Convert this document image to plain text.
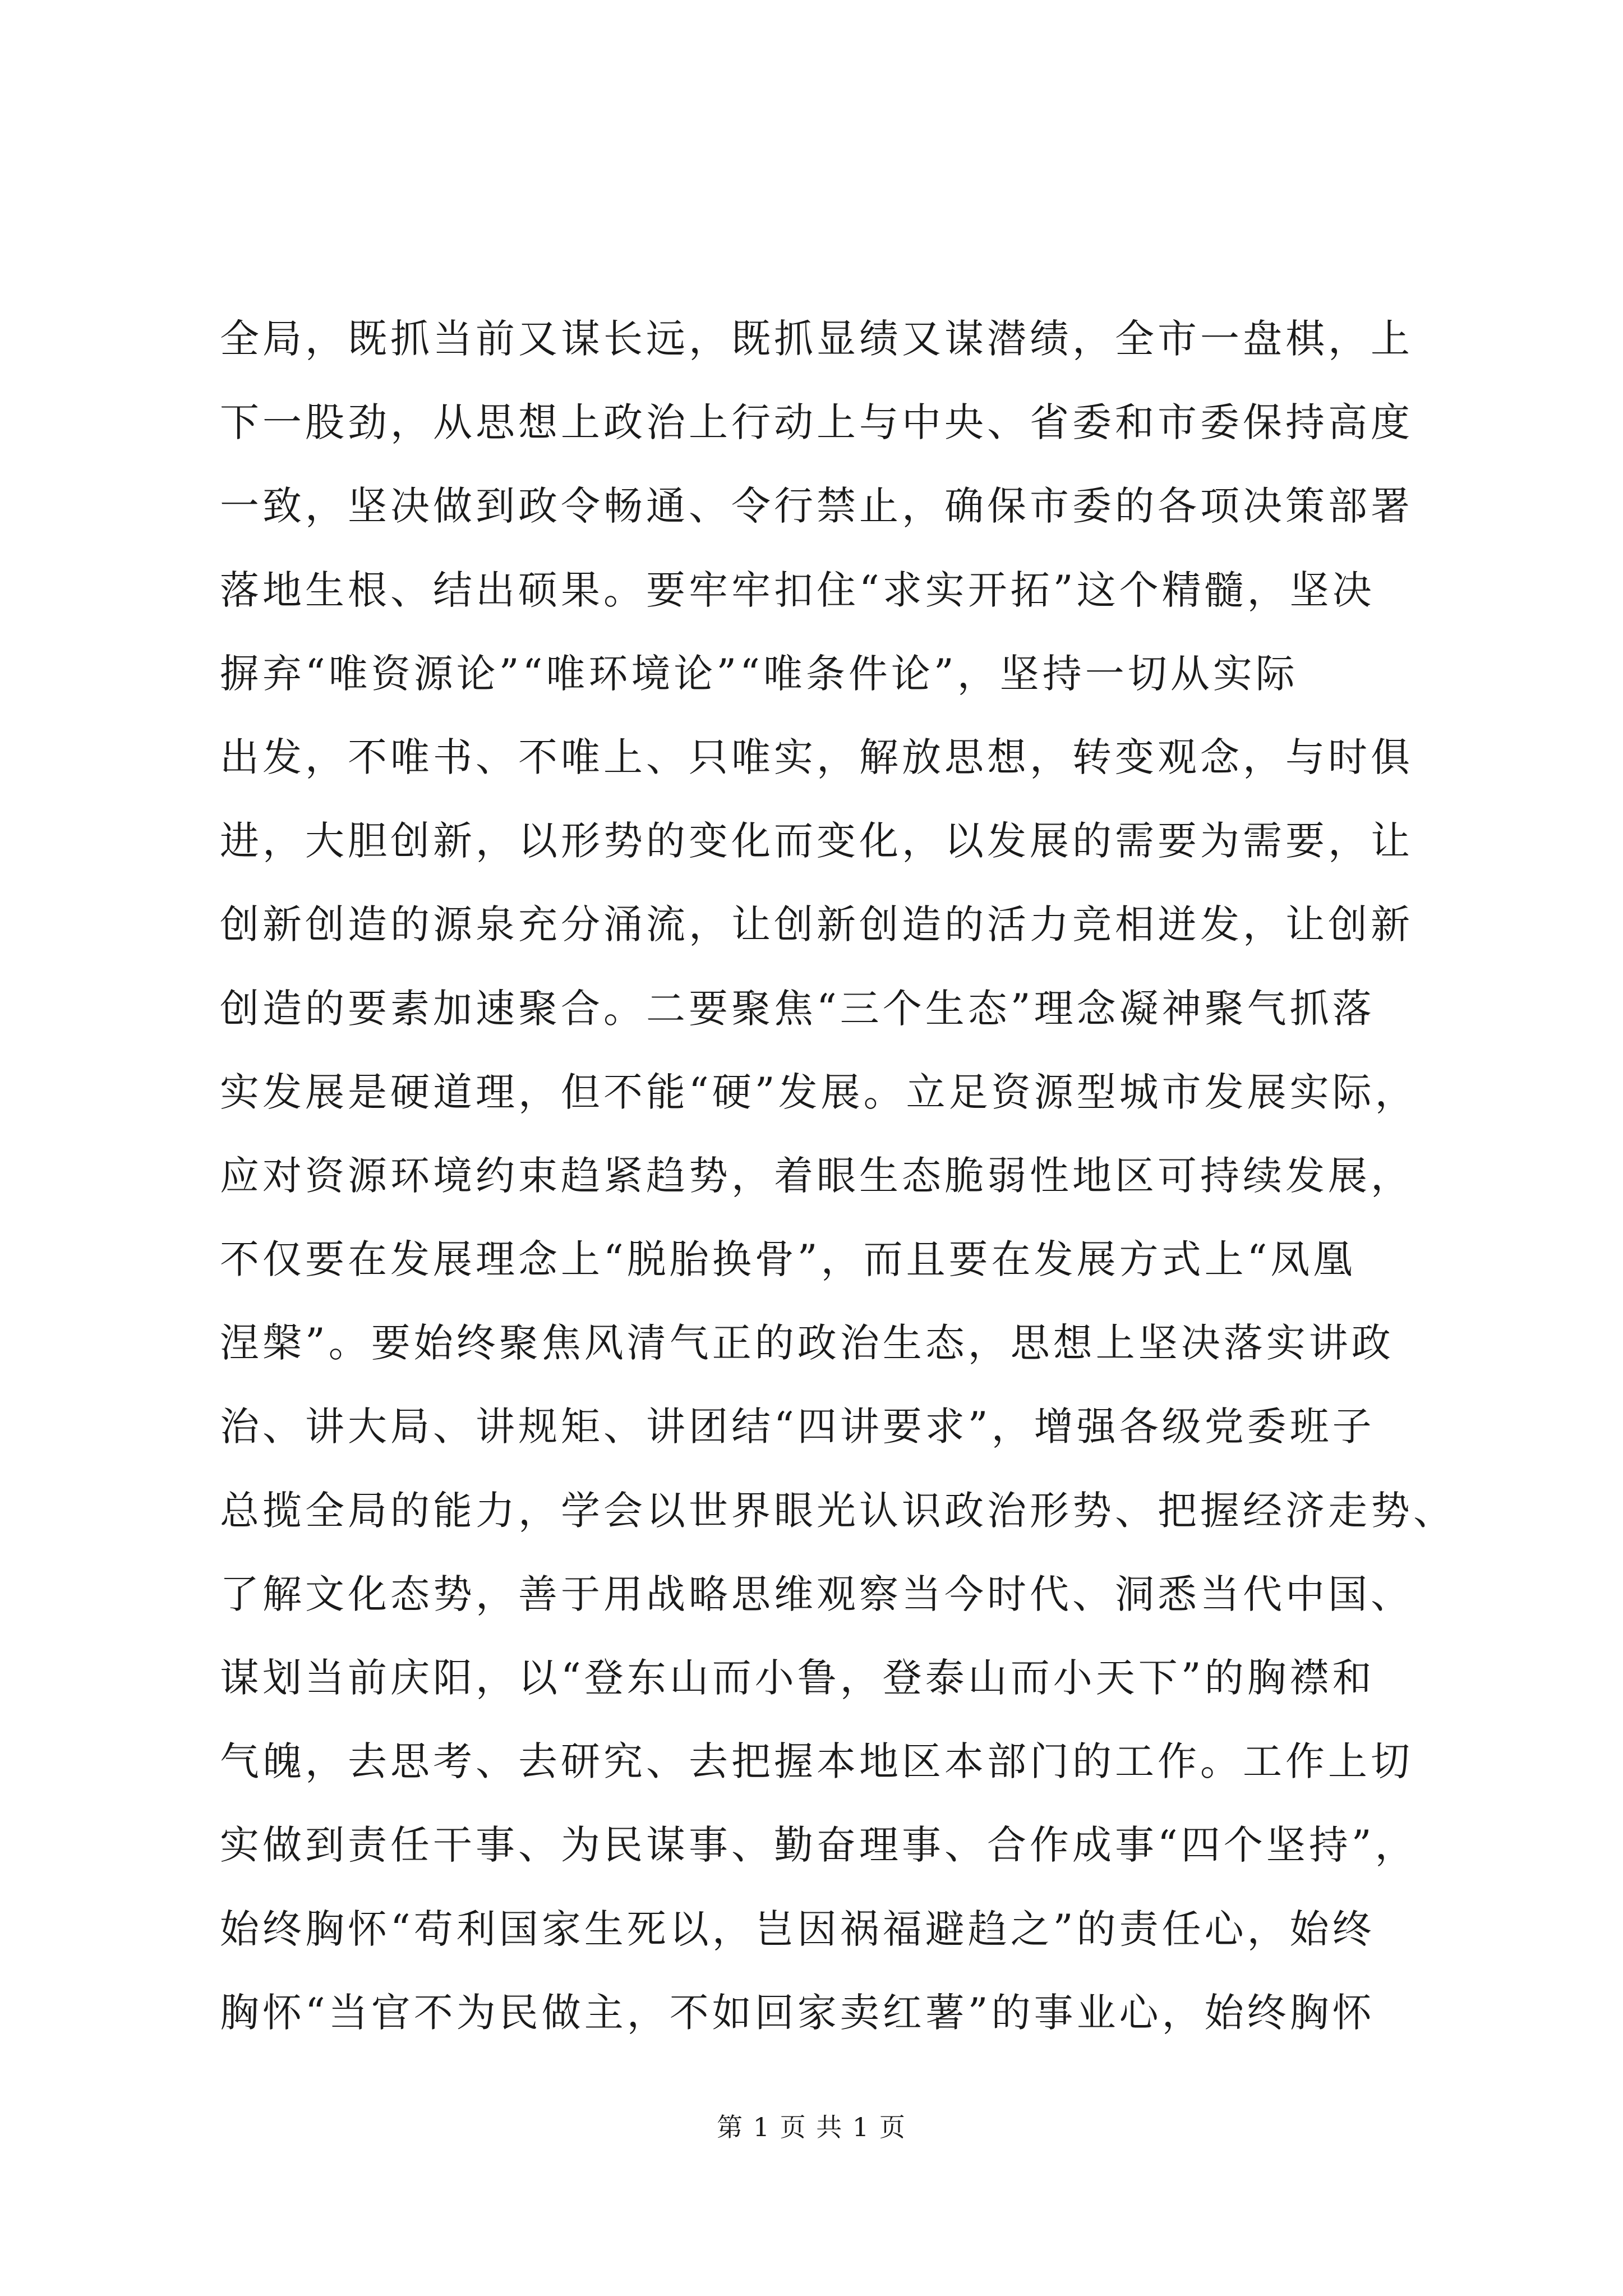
全局，既抓当前又谋长远，既抓显绩又谋潜绩，全市一盘棋，上
下一股劲，从思想上政治上行动上与中央、省委和市委保持高度
一致，坚决做到政令畅通、令行禁止，确保市委的各项决策部署
落地生根、结出硕果。要牢牢扣住“求实开拓”这个精髓，坚决
摒弃“唯资源论”“唯环境论”“唯条件论”，坚持一切从实际
出发，不唯书、不唯上、只唯实，解放思想，转变观念，与时俱
进，大胆创新，以形势的变化而变化，以发展的需要为需要，让
创新创造的源泉充分涌流，让创新创造的活力竞相迸发，让创新
创造的要素加速聚合。二要聚焦“三个生态”理念凝神聚气抓落
实发展是硬道理，但不能“硬”发展。立足资源型城市发展实际，
应对资源环境约束趋紧趋势，着眼生态脆弱性地区可持续发展，
不仅要在发展理念上“脱胎换骨”，而且要在发展方式上“凤凰
涅槃”。要始终聚焦风清气正的政治生态，思想上坚决落实讲政
治、讲大局、讲规矩、讲团结“四讲要求”，增强各级党委班子
总揽全局的能力，学会以世界眼光认识政治形势、把握经济走势、
了解文化态势，善于用战略思维观察当今时代、洞悉当代中国、
谋划当前庆阳，以“登东山而小鲁，登泰山而小天下”的胸襟和
气魄，去思考、去研究、去把握本地区本部门的工作。工作上切
实做到责任干事、为民谋事、勤奋理事、合作成事“四个坚持”，
始终胸怀“苟利国家生死以，岂因祸福避趋之”的责任心，始终
胸怀“当官不为民做主，不如回家卖红薯”的事业心，始终胸怀
第 1 页 共 1 页
